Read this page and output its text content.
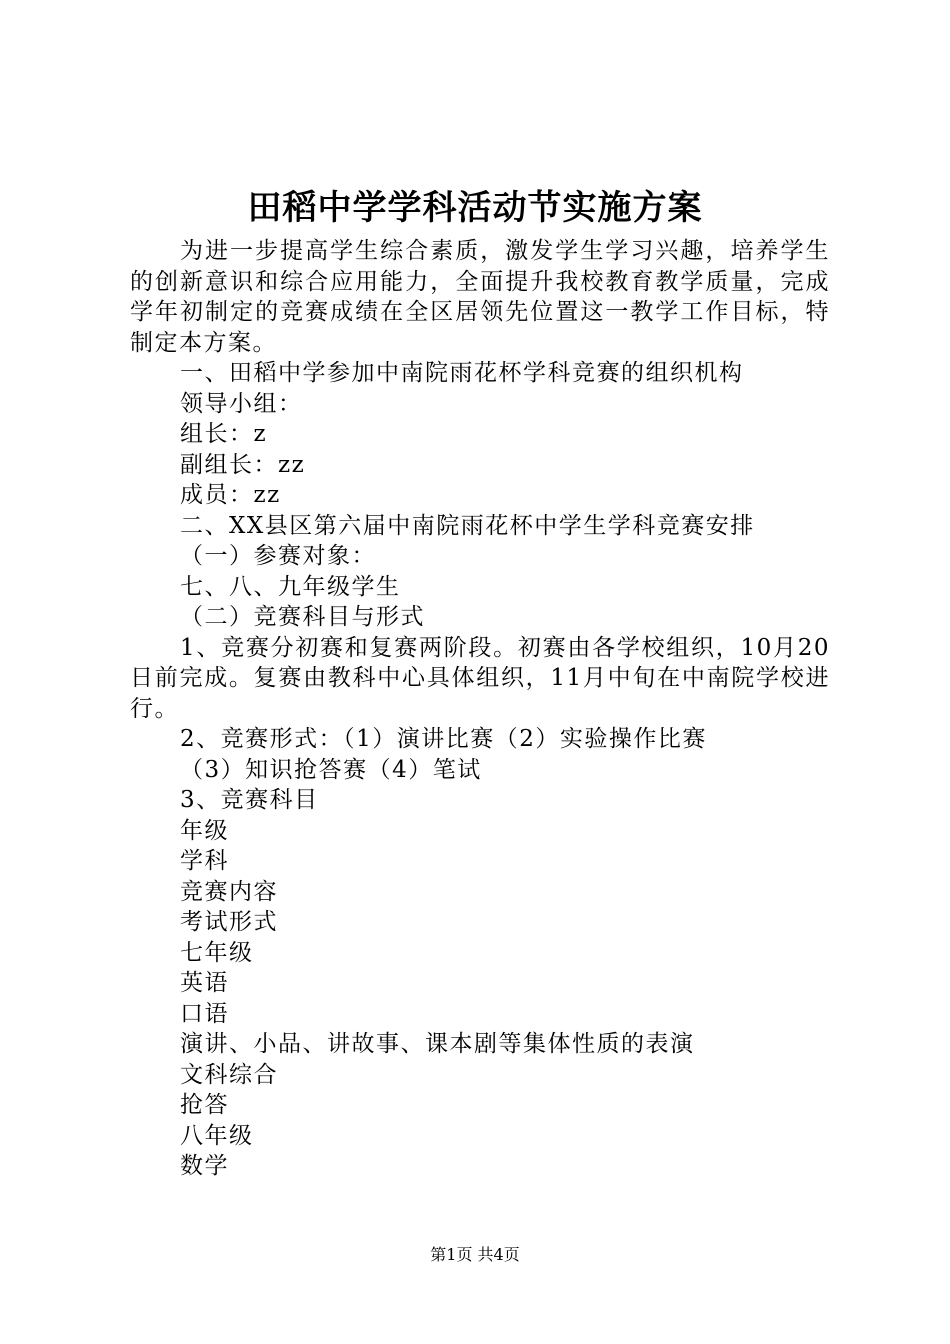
田稻中学学科活动节实施方案

为进一步提高学生综合素质，激发学生学习兴趣，培养学生的创新意识和综合应用能力，全面提升我校教育教学质量，完成学年初制定的竞赛成绩在全区居领先位置这一教学工作目标，特制定本方案。

一、田稻中学参加中南院雨花杯学科竞赛的组织机构

领导小组：

组长：z

副组长：zz

成员：zz

二、XX县区第六届中南院雨花杯中学生学科竞赛安排

（一）参赛对象：

七、八、九年级学生

（二）竞赛科目与形式

1、竞赛分初赛和复赛两阶段。初赛由各学校组织，10月20日前完成。复赛由教科中心具体组织，11月中旬在中南院学校进行。

2、竞赛形式：（1）演讲比赛（2）实验操作比赛

（3）知识抢答赛（4）笔试

3、竞赛科目

年级

学科

竞赛内容

考试形式

七年级

英语

口语

演讲、小品、讲故事、课本剧等集体性质的表演

文科综合

抢答

八年级

数学

第1页 共4页
